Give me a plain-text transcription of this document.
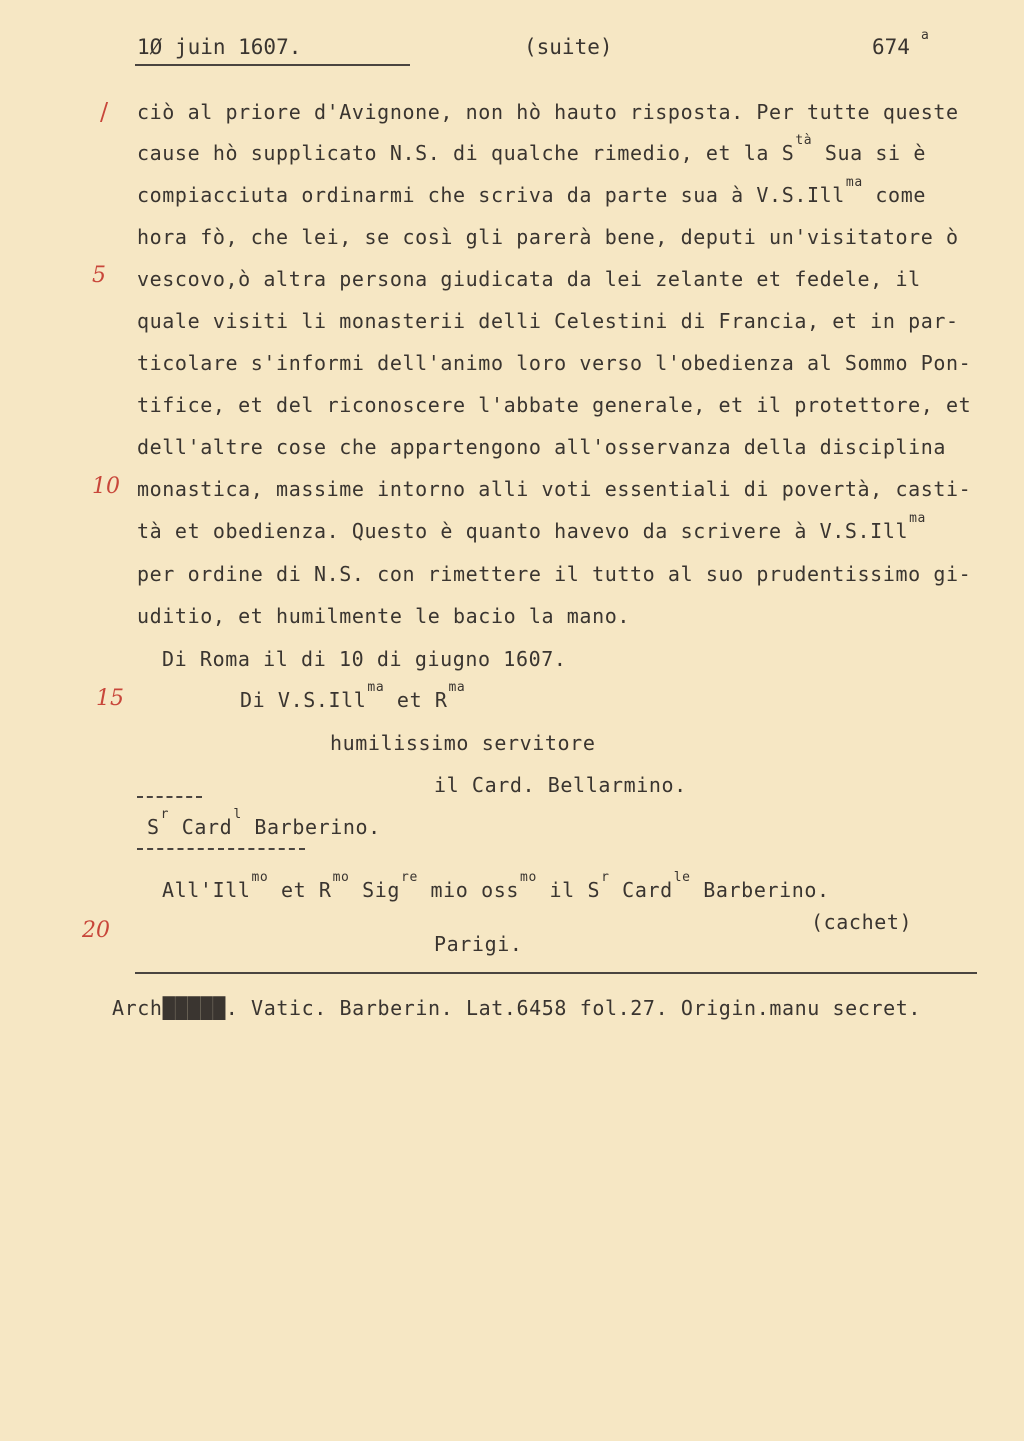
1Ø juin 1607.	(suite)	674 a
/
5
10
15
20
ciò al priore d'Avignone, non hò hauto risposta. Per tutte queste
cause hò supplicato N.S. di qualche rimedio, et la $S^{tà}$ Sua si è
compiacciuta ordinarmi che scriva da parte sua à V.S.Ill$^{ma}$ come
hora fò, che lei, se così gli parerà bene, deputi un'visitatore ò
vescovo,ò altra persona giudicata da lei zelante et fedele, il
quale visiti li monasterii delli Celestini di Francia, et in par-
ticolare s'informi dell'animo loro verso l'obedienza al Sommo Pon-
tifice, et del riconoscere l'abbate generale, et il protettore, et
dell'altre cose che appartengono all'osservanza della disciplina
monastica, massime intorno alli voti essentiali di povertà, casti-
tà et obedienza. Questo è quanto havevo da scrivere à V.S.Ill$^{ma}$
per ordine di N.S. con rimettere il tutto al suo prudentissimo gi-
uditio, et humilmente le bacio la mano.
Di Roma il di 10 di giugno 1607.
Di V.S.Ill$^{ma}$ et $R^{ma}$
humilissimo servitore
il Card. Bellarmino.
$S^r$ Card$^l$ Barberino.
All'Ill$^{mo}$ et $R^{mo}$ Sig$^{re}$ mio oss$^{mo}$ il $S^r$ Card$^{le}$ Barberino.
(cachet)
Parigi.
Arch█████. Vatic. Barberin. Lat.6458 fol.27. Origin.manu secret.
